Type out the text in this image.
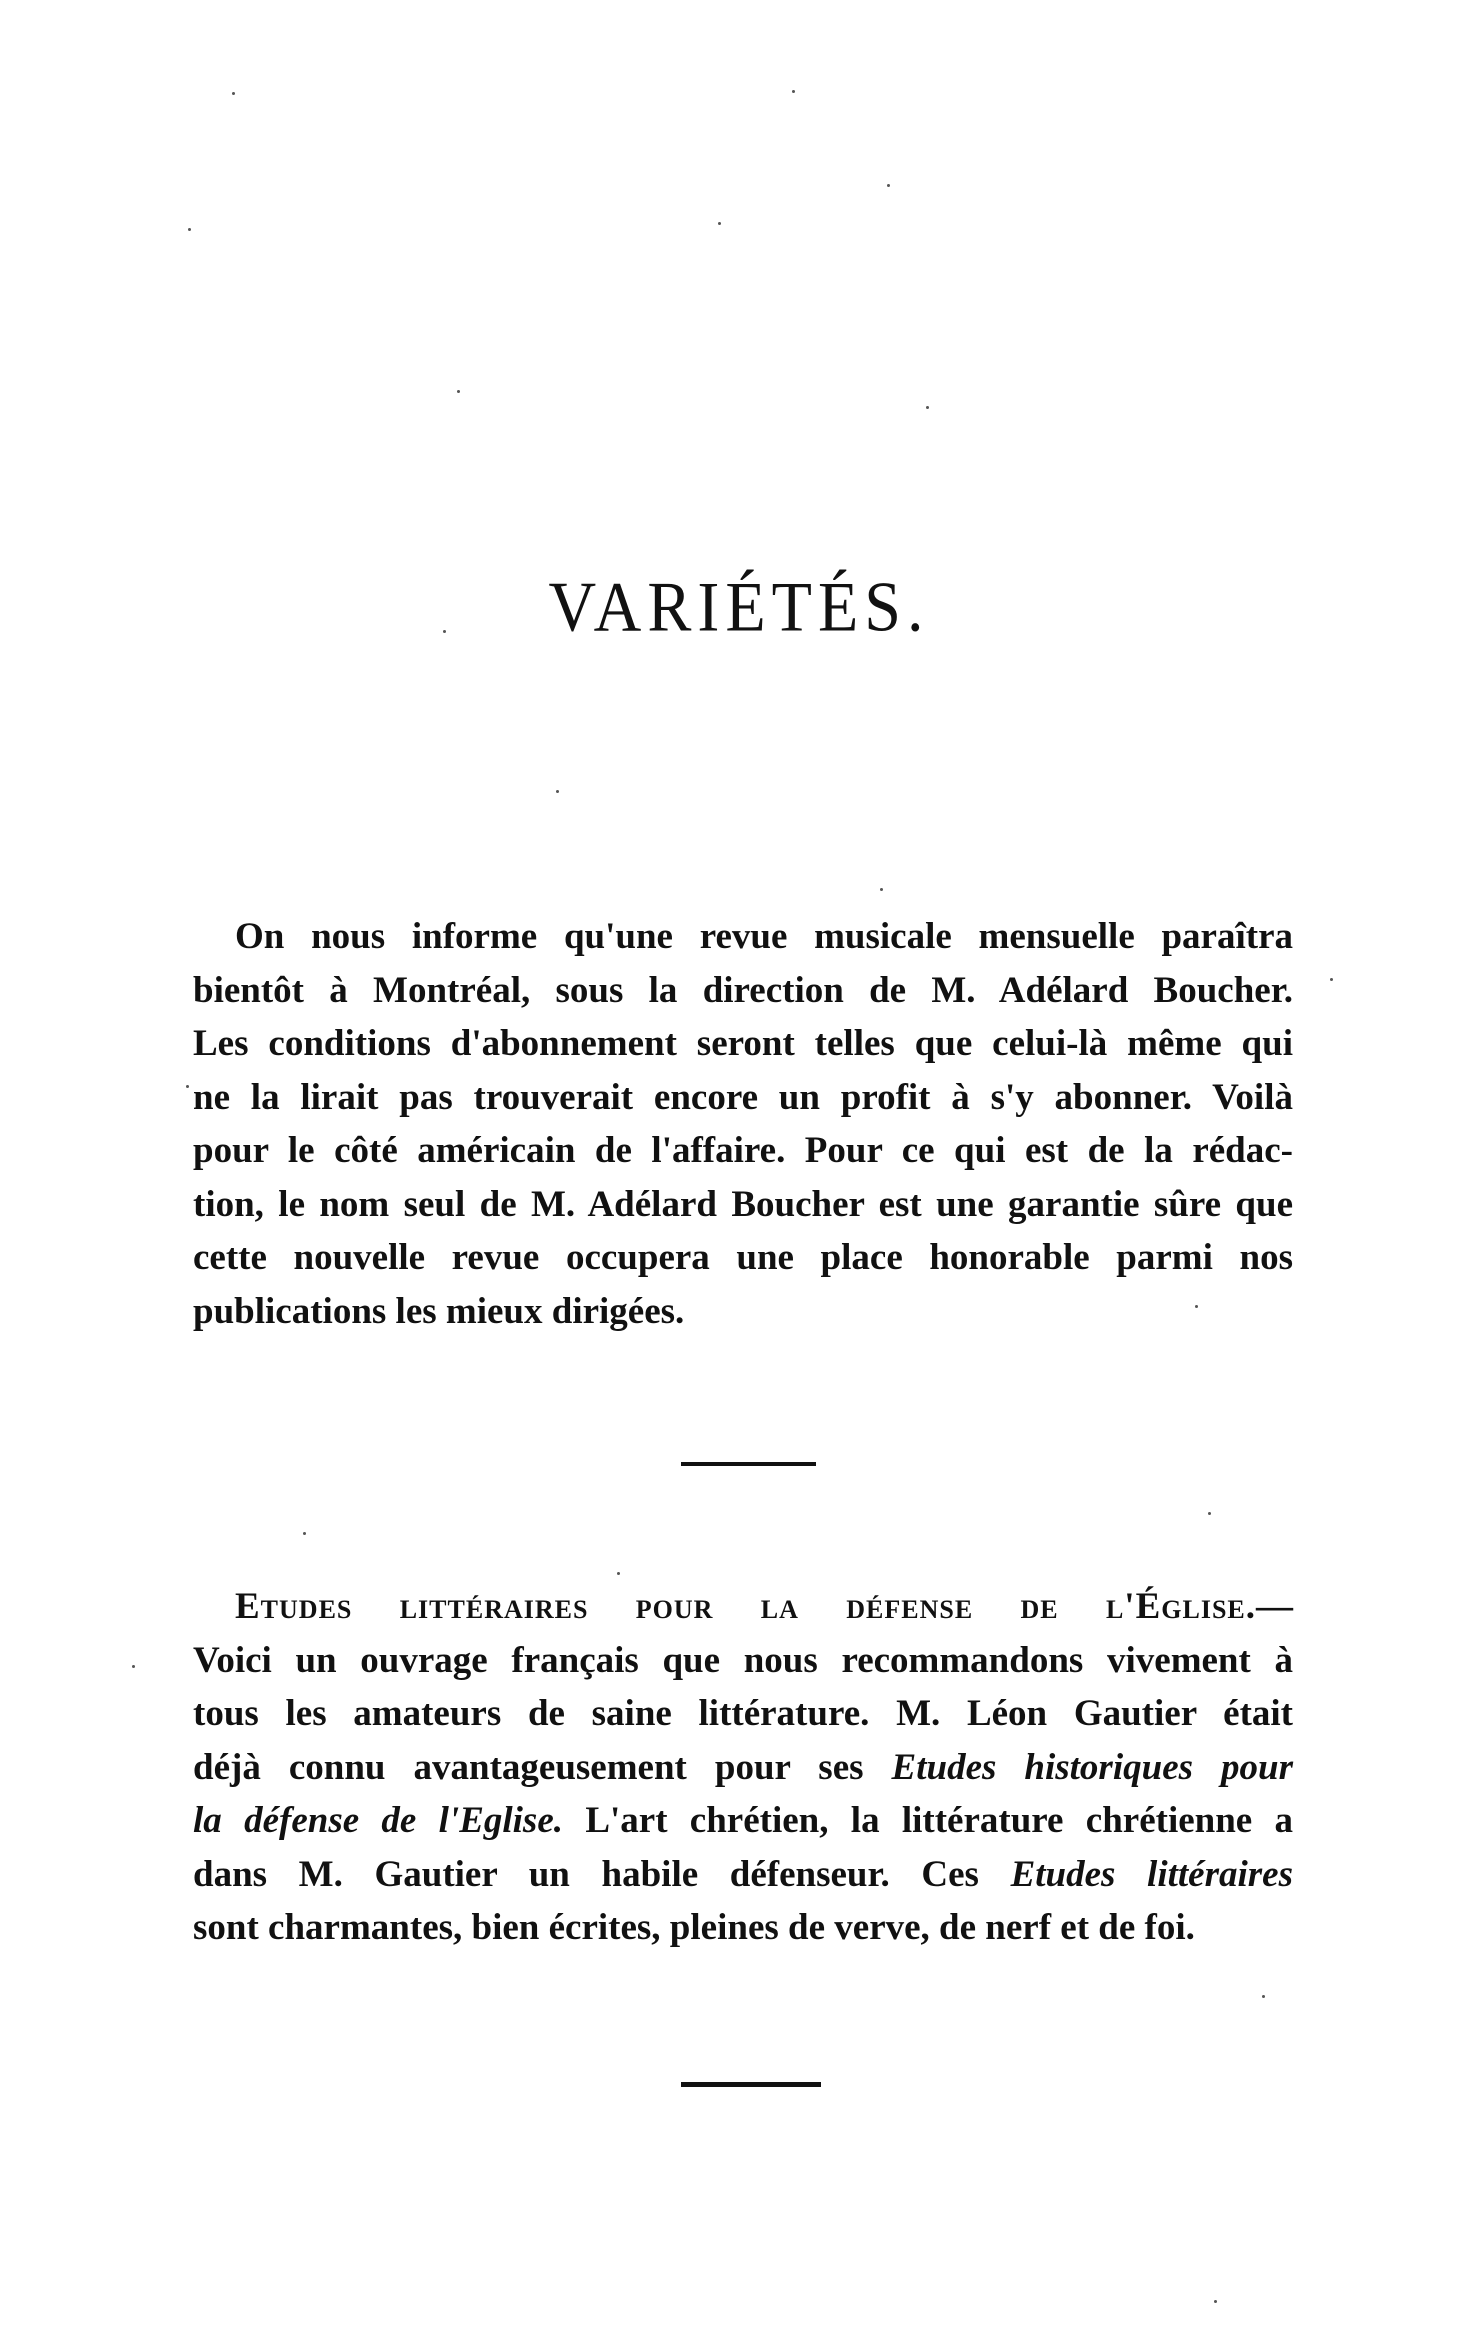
VARIÉTÉS.
On nous informe qu'une revue musicale mensuelle paraîtra
bientôt à Montréal, sous la direction de M. Adélard Boucher.
Les conditions d'abonnement seront telles que celui-là même qui
ne la lirait pas trouverait encore un profit à s'y abonner. Voilà
pour le côté américain de l'affaire. Pour ce qui est de la rédac-
tion, le nom seul de M. Adélard Boucher est une garantie sûre que
cette nouvelle revue occupera une place honorable parmi nos
publications les mieux dirigées.
Etudes littéraires pour la défense de l'Église.—
Voici un ouvrage français que nous recommandons vivement à
tous les amateurs de saine littérature. M. Léon Gautier était
déjà connu avantageusement pour ses Etudes historiques pour
la défense de l'Eglise. L'art chrétien, la littérature chrétienne a
dans M. Gautier un habile défenseur. Ces Etudes littéraires
sont charmantes, bien écrites, pleines de verve, de nerf et de foi.
